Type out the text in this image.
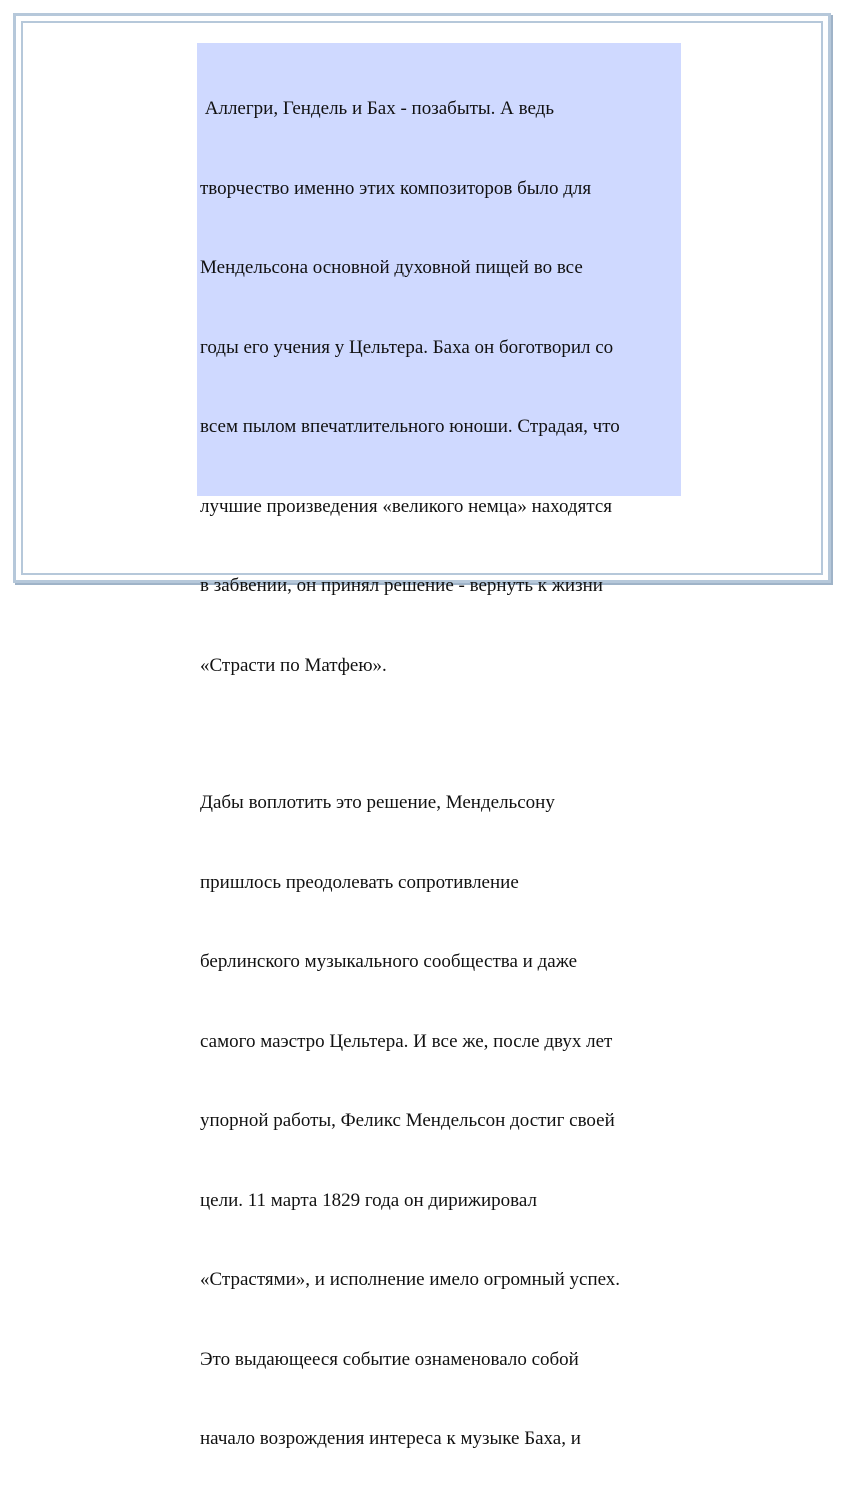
Аллегри, Гендель и Бах - позабыты. А ведь

творчество именно этих композиторов было для

Мендельсона основной духовной пищей во все

годы его учения у Цельтера. Баха он боготворил со

всем пылом впечатлительного юноши. Страдая, что

лучшие произведения «великого немца» находятся

в забвении, он принял решение - вернуть к жизни

«Страсти по Матфею».

Дабы воплотить это решение, Мендельсону

пришлось преодолевать сопротивление

берлинского музыкального сообщества и даже

самого маэстро Цельтера. И все же, после двух лет

упорной работы, Феликс Мендельсон достиг своей

цели. 11 марта 1829 года он дирижировал

«Страстями», и исполнение имело огромный успех.

Это выдающееся событие ознаменовало собой

начало возрождения интереса к музыке Баха, и
